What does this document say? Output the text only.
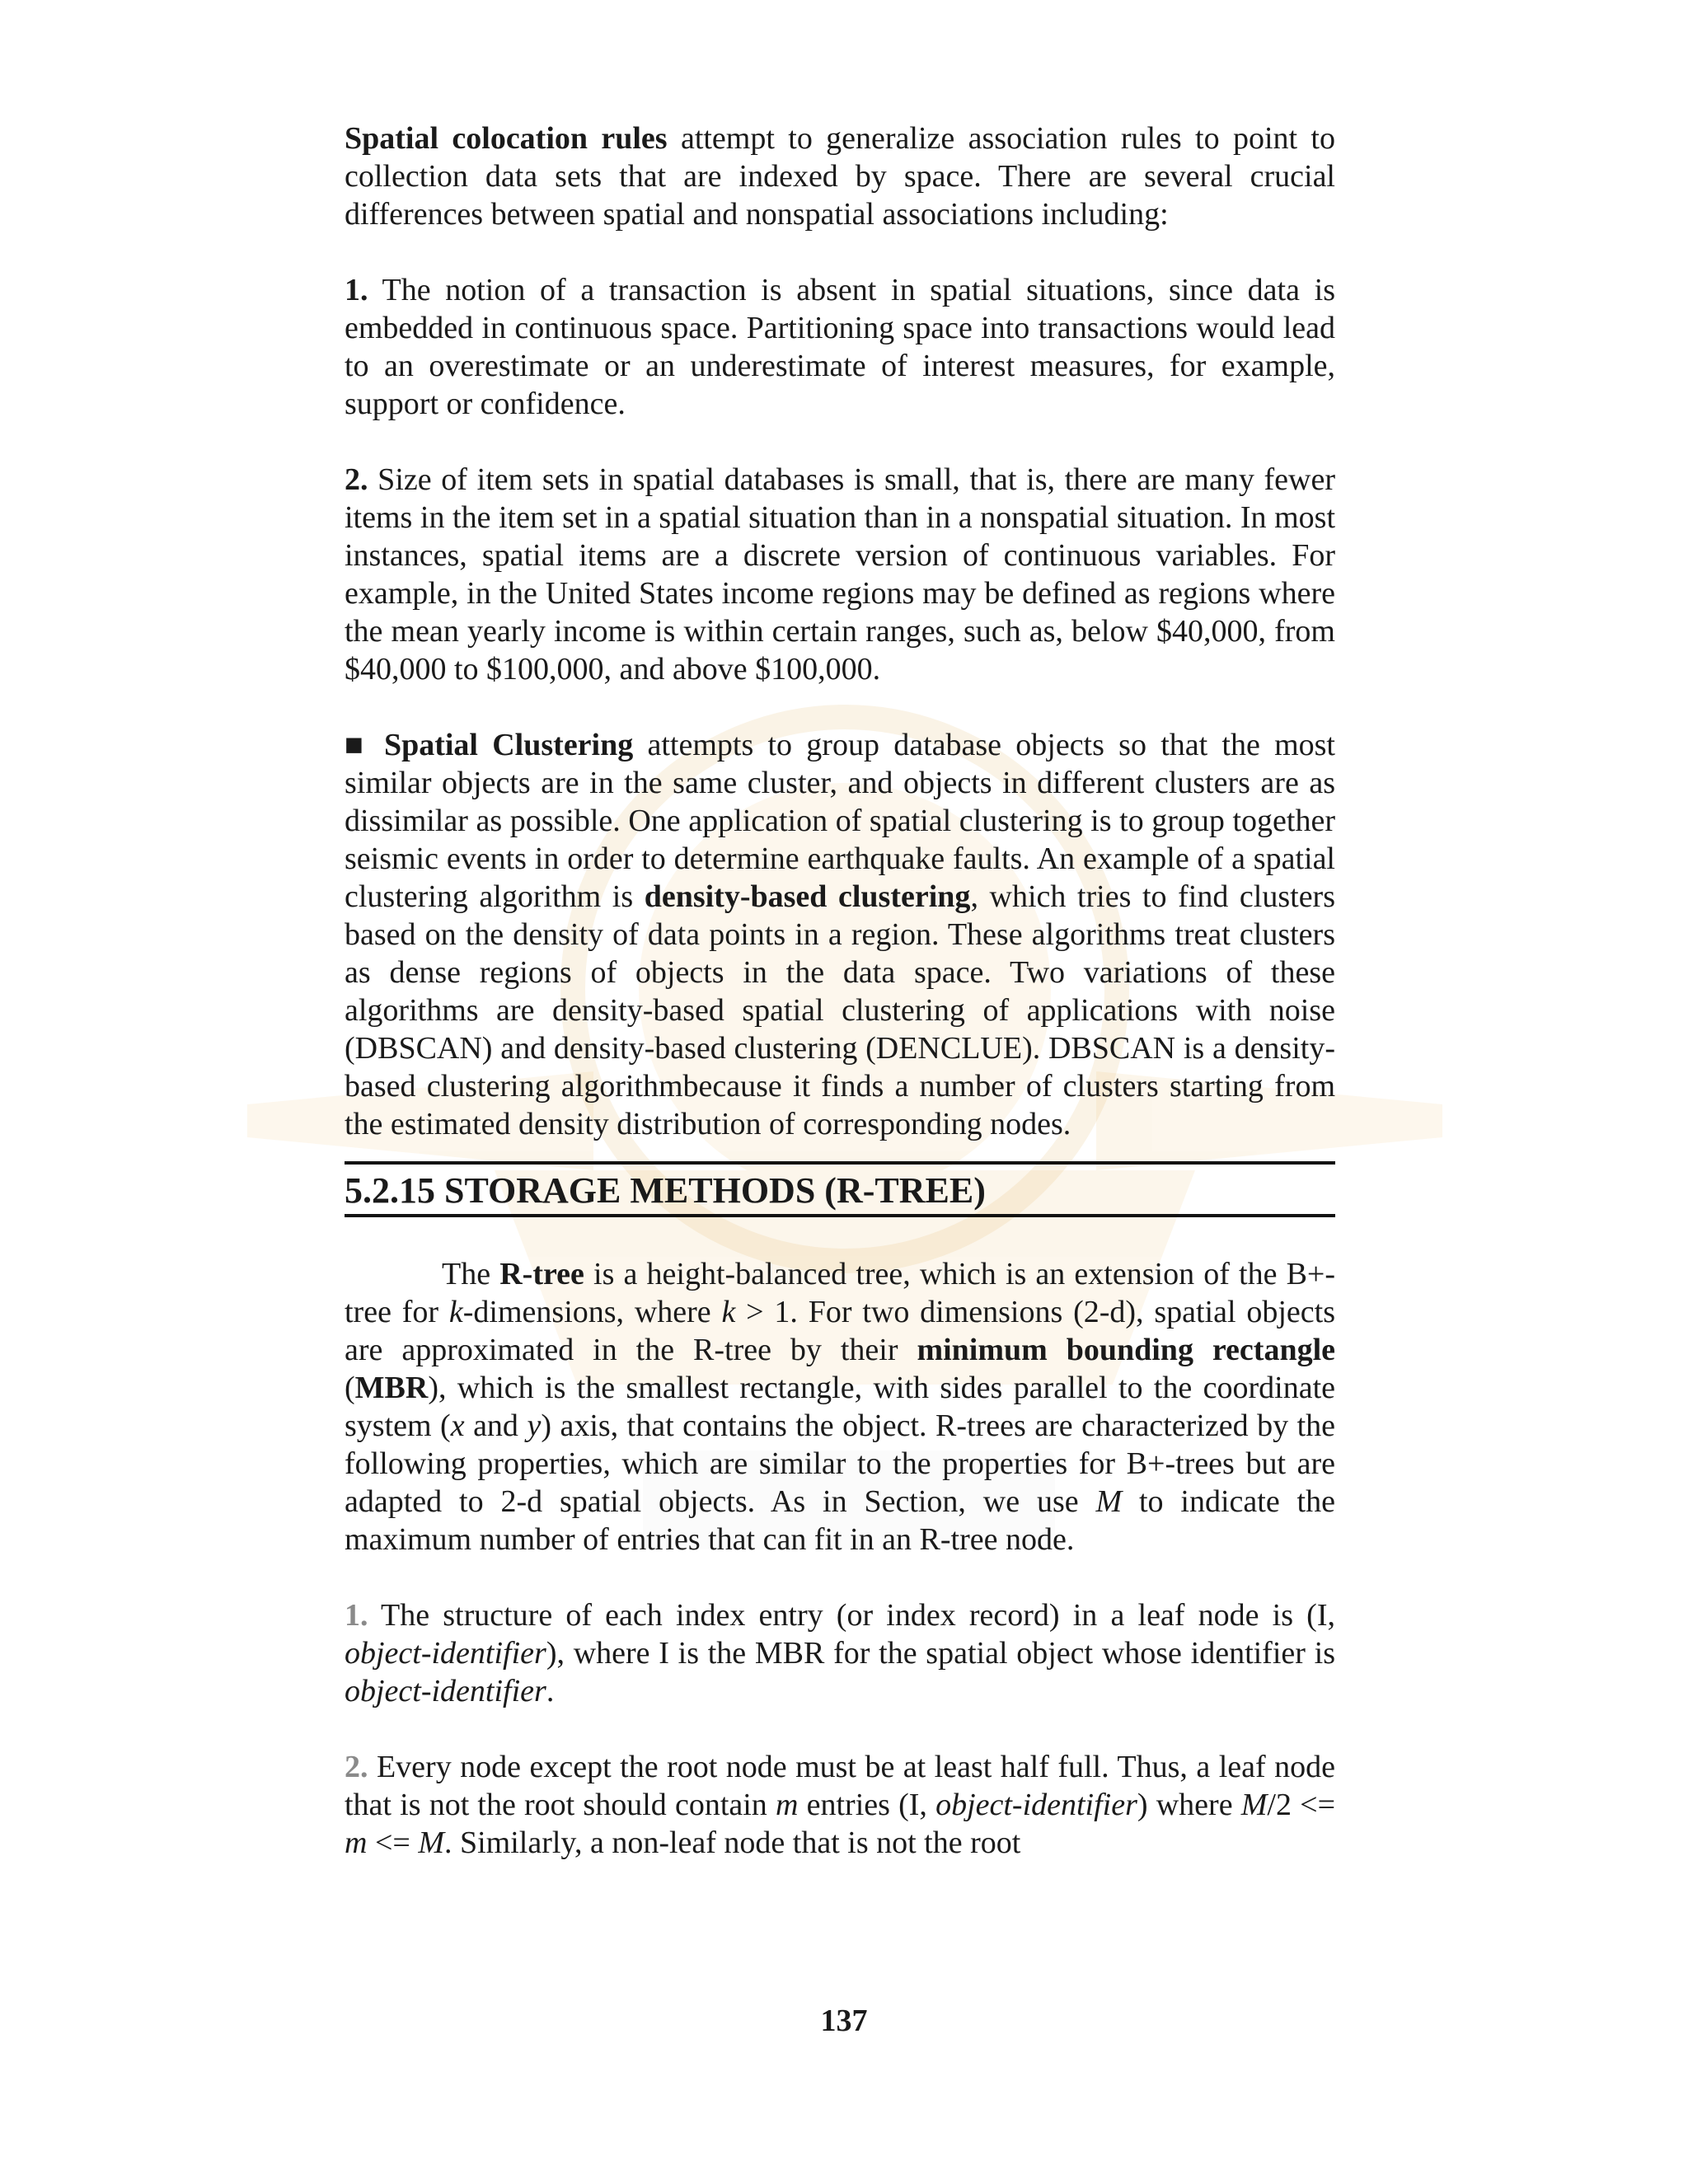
Spatial colocation rules attempt to generalize association rules to point to collection data sets that are indexed by space. There are several crucial differences between spatial and nonspatial associations including:

1. The notion of a transaction is absent in spatial situations, since data is embedded in continuous space. Partitioning space into transactions would lead to an overestimate or an underestimate of interest measures, for example, support or confidence.

2. Size of item sets in spatial databases is small, that is, there are many fewer items in the item set in a spatial situation than in a nonspatial situation. In most instances, spatial items are a discrete version of continuous variables. For example, in the United States income regions may be defined as regions where the mean yearly income is within certain ranges, such as, below $40,000, from $40,000 to $100,000, and above $100,000.

■ Spatial Clustering attempts to group database objects so that the most similar objects are in the same cluster, and objects in different clusters are as dissimilar as possible. One application of spatial clustering is to group together seismic events in order to determine earthquake faults. An example of a spatial clustering algorithm is density-based clustering, which tries to find clusters based on the density of data points in a region. These algorithms treat clusters as dense regions of objects in the data space. Two variations of these algorithms are density-based spatial clustering of applications with noise (DBSCAN) and density-based clustering (DENCLUE). DBSCAN is a density-based clustering algorithmbecause it finds a number of clusters starting from the estimated density distribution of corresponding nodes.

5.2.15 STORAGE METHODS (R-TREE)

The R-tree is a height-balanced tree, which is an extension of the B+-tree for k-dimensions, where k > 1. For two dimensions (2-d), spatial objects are approximated in the R-tree by their minimum bounding rectangle (MBR), which is the smallest rectangle, with sides parallel to the coordinate system (x and y) axis, that contains the object. R-trees are characterized by the following properties, which are similar to the properties for B+-trees but are adapted to 2-d spatial objects. As in Section, we use M to indicate the maximum number of entries that can fit in an R-tree node.

1. The structure of each index entry (or index record) in a leaf node is (I, object-identifier), where I is the MBR for the spatial object whose identifier is object-identifier.

2. Every node except the root node must be at least half full. Thus, a leaf node that is not the root should contain m entries (I, object-identifier) where M/2 <= m <= M. Similarly, a non-leaf node that is not the root

137
